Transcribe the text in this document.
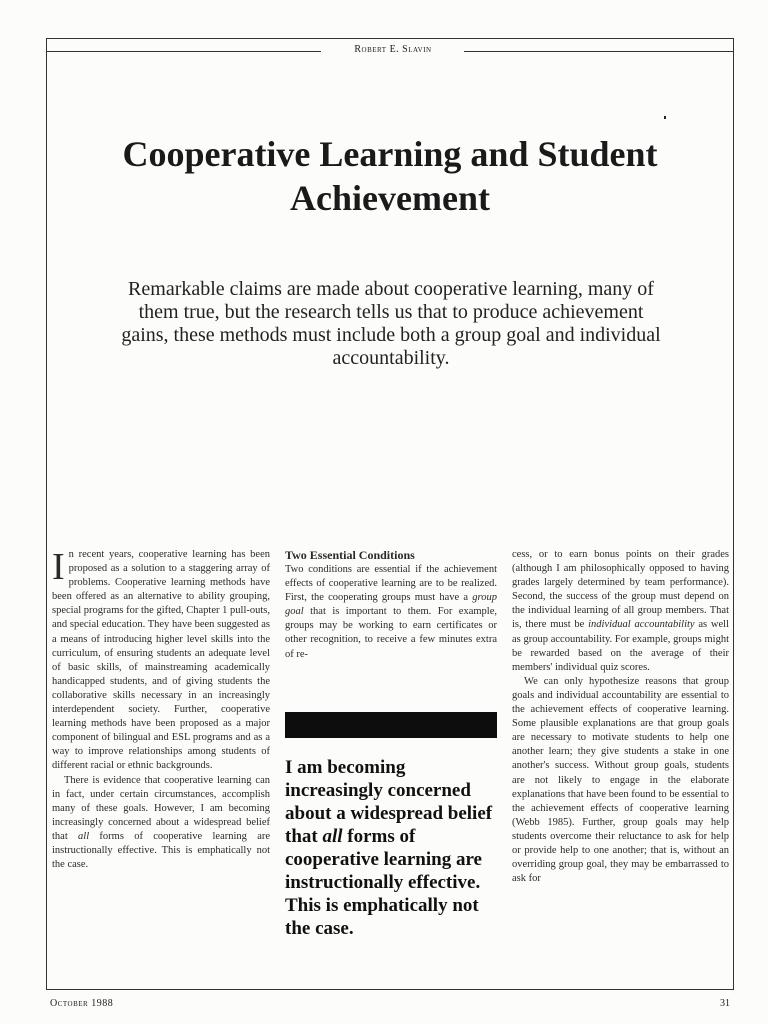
Robert E. Slavin
Cooperative Learning and Student Achievement

Remarkable claims are made about cooperative learning, many of them true, but the research tells us that to produce achievement gains, these methods must include both a group goal and individual accountability.

In recent years, cooperative learning has been proposed as a solution to a staggering array of problems. Cooperative learning methods have been offered as an alternative to ability grouping, special programs for the gifted, Chapter 1 pull-outs, and special education. They have been suggested as a means of introducing higher level skills into the curriculum, of ensuring students an adequate level of basic skills, of mainstreaming academically handicapped students, and of giving students the collaborative skills necessary in an increasingly interdependent society. Further, cooperative learning methods have been proposed as a major component of bilingual and ESL programs and as a way to improve relationships among students of different racial or ethnic backgrounds.

There is evidence that cooperative learning can in fact, under certain circumstances, accomplish many of these goals. However, I am becoming increasingly concerned about a widespread belief that all forms of cooperative learning are instructionally effective. This is emphatically not the case.

Two Essential Conditions

Two conditions are essential if the achievement effects of cooperative learning are to be realized. First, the cooperating groups must have a group goal that is important to them. For example, groups may be working to earn certificates or other recognition, to receive a few minutes extra of re-

I am becoming increasingly concerned about a widespread belief that all forms of cooperative learning are instructionally effective. This is emphatically not the case.

cess, or to earn bonus points on their grades (although I am philosophically opposed to having grades largely determined by team performance). Second, the success of the group must depend on the individual learning of all group members. That is, there must be individual accountability as well as group accountability. For example, groups might be rewarded based on the average of their members' individual quiz scores.

We can only hypothesize reasons that group goals and individual accountability are essential to the achievement effects of cooperative learning. Some plausible explanations are that group goals are necessary to motivate students to help one another learn; they give students a stake in one another's success. Without group goals, students are not likely to engage in the elaborate explanations that have been found to be essential to the achievement effects of cooperative learning (Webb 1985). Further, group goals may help students overcome their reluctance to ask for help or provide help to one another; that is, without an overriding group goal, they may be embarrassed to ask for

October 1988	31
